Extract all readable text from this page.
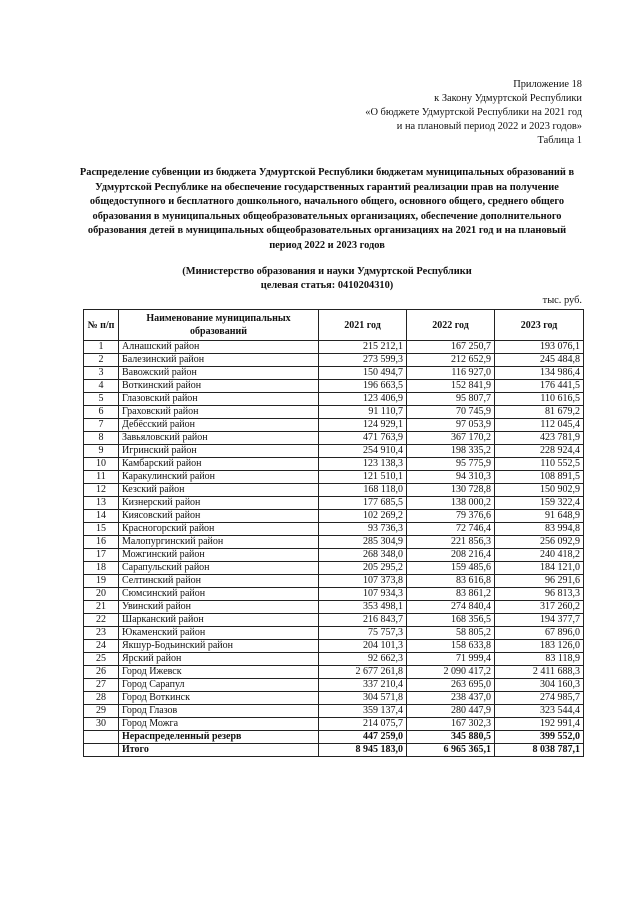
Приложение 18
к Закону Удмуртской Республики
«О бюджете Удмуртской Республики на 2021 год
и на плановый период 2022 и 2023 годов»
Таблица 1
Распределение субвенции из бюджета Удмуртской Республики бюджетам муниципальных образований в Удмуртской Республике на обеспечение государственных гарантий реализации прав на получение общедоступного и бесплатного дошкольного, начального общего, основного общего, среднего общего образования в муниципальных общеобразовательных организациях, обеспечение дополнительного образования детей в муниципальных общеобразовательных организациях на 2021 год и на плановый период 2022 и 2023 годов
(Министерство образования и науки Удмуртской Республики
целевая статья: 0410204310)
тыс. руб.
№ п/п	Наименование муниципальных образований	2021 год	2022 год	2023 год
1	Алнашский район	215 212,1	167 250,7	193 076,1
2	Балезинский район	273 599,3	212 652,9	245 484,8
3	Вавожский район	150 494,7	116 927,0	134 986,4
4	Воткинский район	196 663,5	152 841,9	176 441,5
5	Глазовский район	123 406,9	95 807,7	110 616,5
6	Граховский район	91 110,7	70 745,9	81 679,2
7	Дебёсский район	124 929,1	97 053,9	112 045,4
8	Завьяловский район	471 763,9	367 170,2	423 781,9
9	Игринский район	254 910,4	198 335,2	228 924,4
10	Камбарский район	123 138,3	95 775,9	110 552,5
11	Каракулинский район	121 510,1	94 310,3	108 891,5
12	Кезский район	168 118,0	130 728,8	150 902,9
13	Кизнерский район	177 685,5	138 000,2	159 322,4
14	Киясовский район	102 269,2	79 376,6	91 648,9
15	Красногорский район	93 736,3	72 746,4	83 994,8
16	Малопургинский район	285 304,9	221 856,3	256 092,9
17	Можгинский район	268 348,0	208 216,4	240 418,2
18	Сарапульский район	205 295,2	159 485,6	184 121,0
19	Селтинский район	107 373,8	83 616,8	96 291,6
20	Сюмсинский район	107 934,3	83 861,2	96 813,3
21	Увинский район	353 498,1	274 840,4	317 260,2
22	Шарканский район	216 843,7	168 356,5	194 377,7
23	Юкаменский район	75 757,3	58 805,2	67 896,0
24	Якшур-Бодьинский район	204 101,3	158 633,8	183 126,0
25	Ярский район	92 662,3	71 999,4	83 118,9
26	Город Ижевск	2 677 261,8	2 090 417,2	2 411 688,3
27	Город Сарапул	337 210,4	263 695,0	304 160,3
28	Город Воткинск	304 571,8	238 437,0	274 985,7
29	Город Глазов	359 137,4	280 447,9	323 544,4
30	Город Можга	214 075,7	167 302,3	192 991,4
	Нераспределенный резерв	447 259,0	345 880,5	399 552,0
	Итого	8 945 183,0	6 965 365,1	8 038 787,1
